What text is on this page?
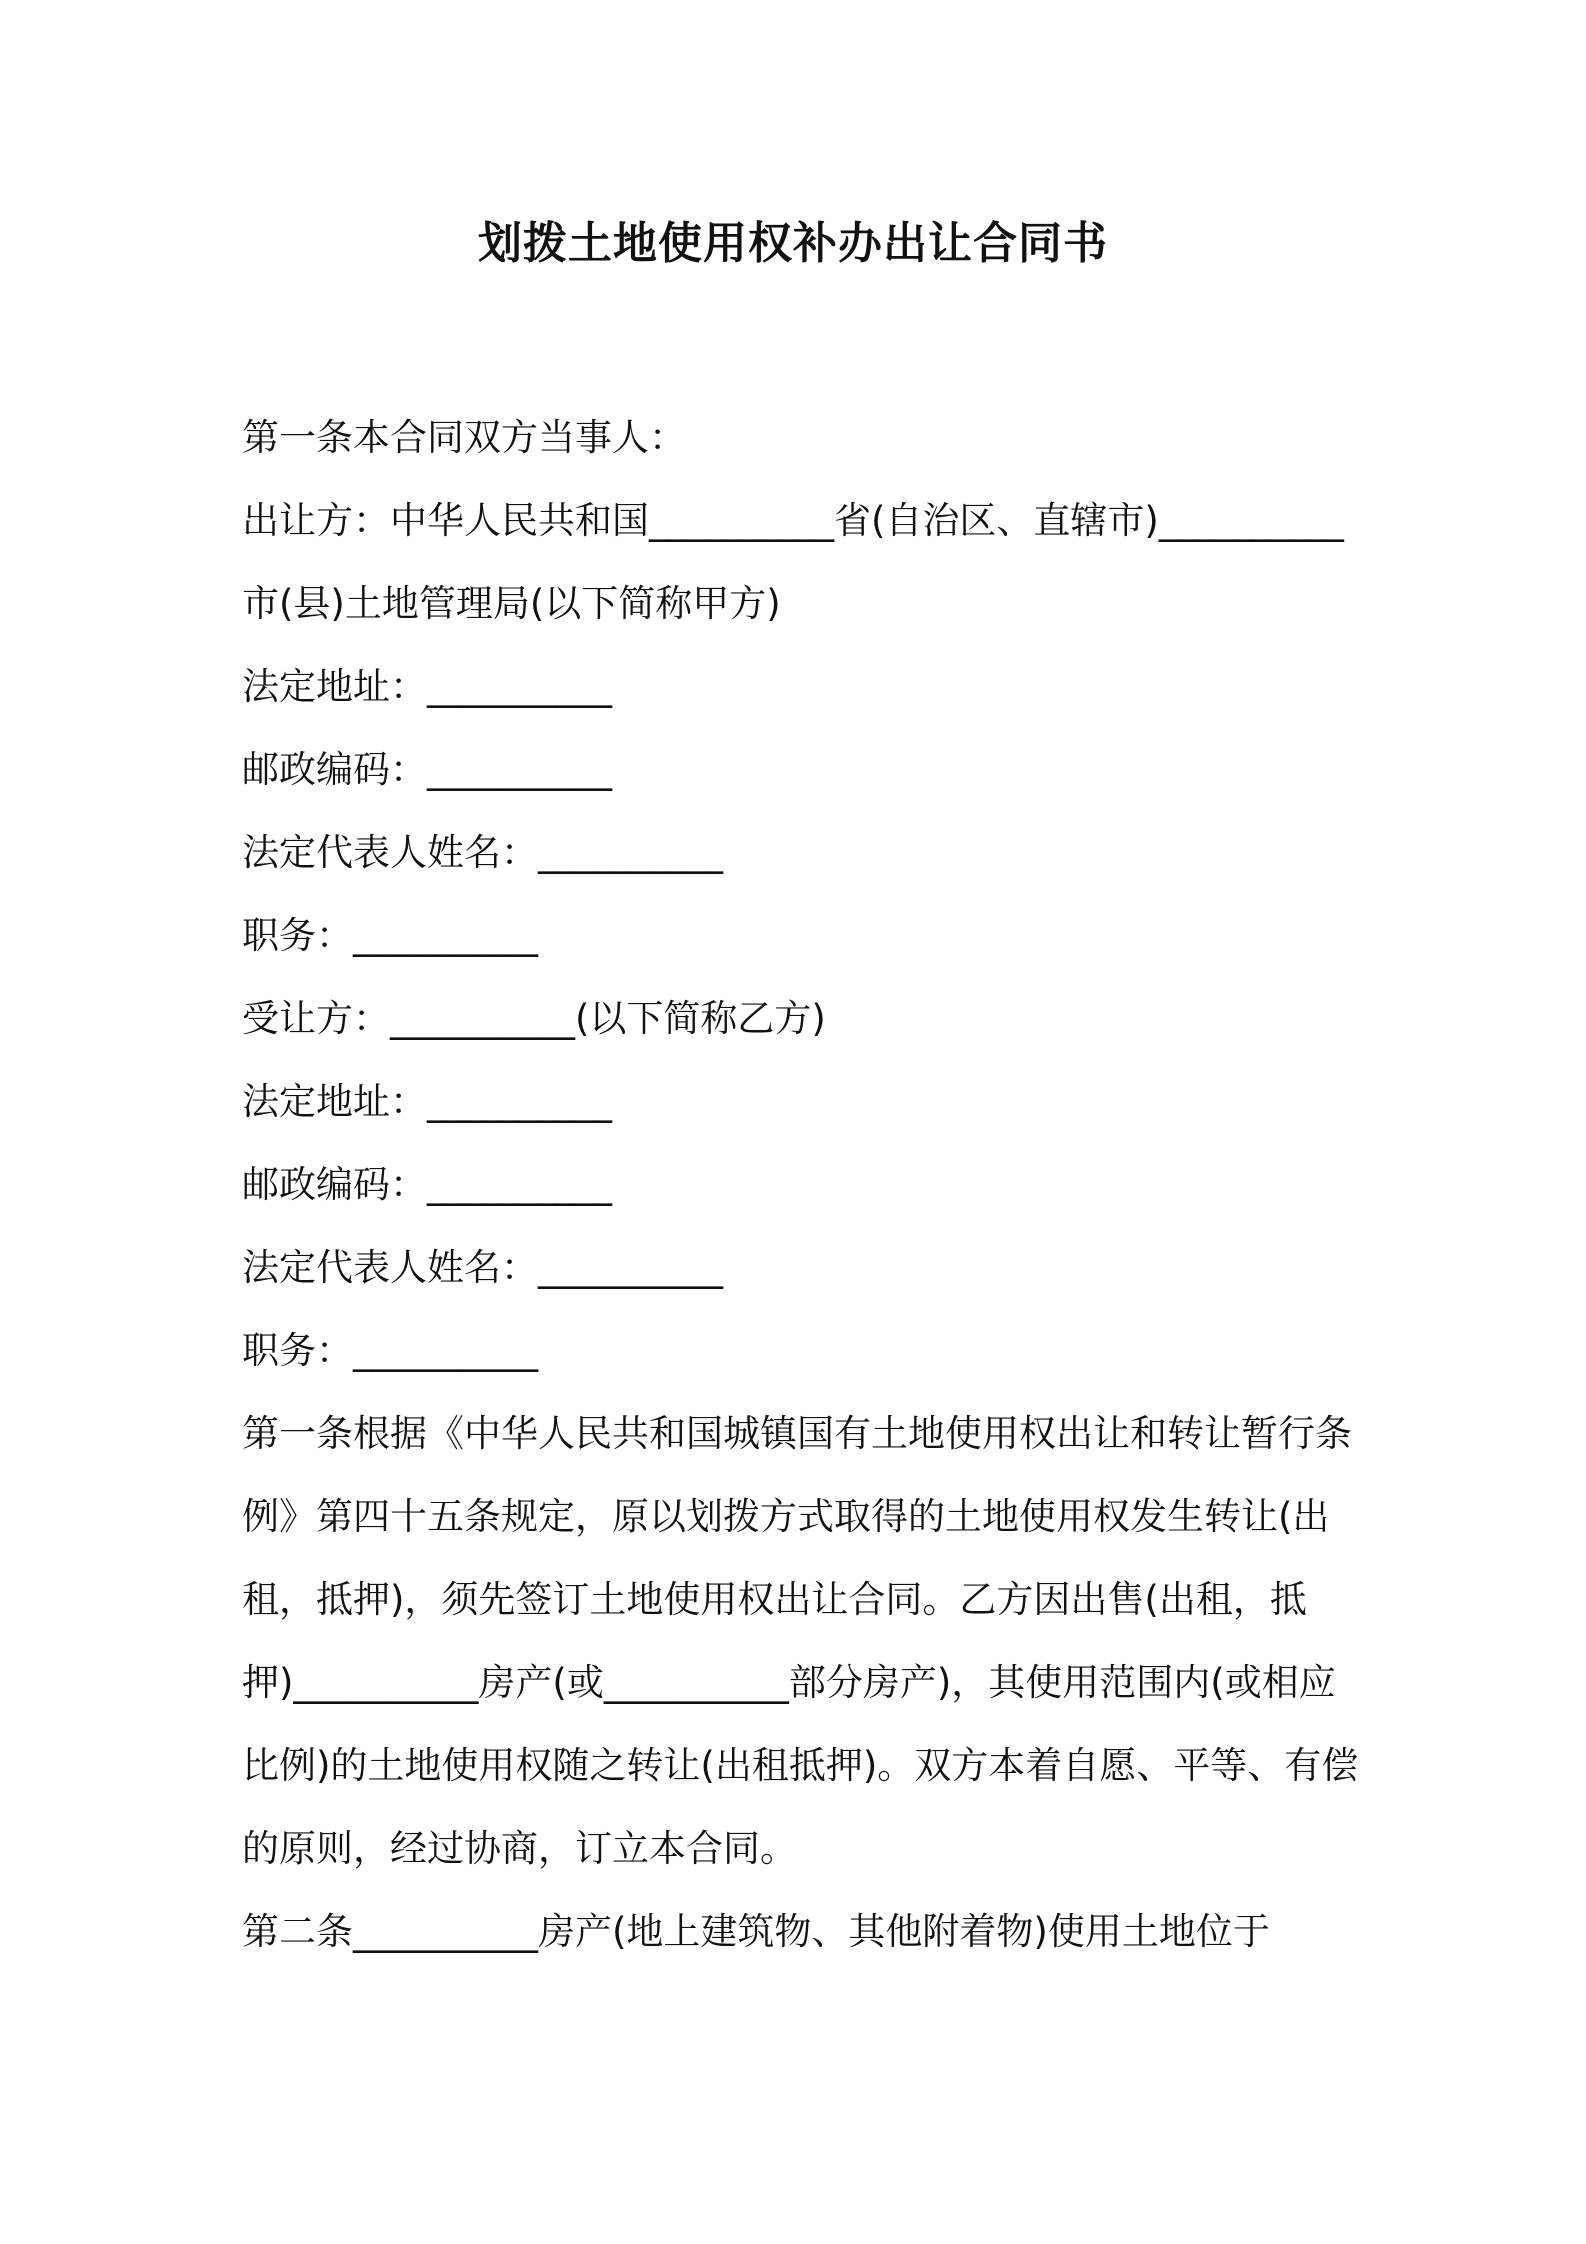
划拨土地使用权补办出让合同书
第一条本合同双方当事人：
出让方：中华人民共和国__________省(自治区、直辖市)__________
市(县)土地管理局(以下简称甲方)
法定地址：__________
邮政编码：__________
法定代表人姓名：__________
职务：__________
受让方：__________(以下简称乙方)
法定地址：__________
邮政编码：__________
法定代表人姓名：__________
职务：__________
第一条根据《中华人民共和国城镇国有土地使用权出让和转让暂行条
例》第四十五条规定，原以划拨方式取得的土地使用权发生转让(出
租，抵押)，须先签订土地使用权出让合同。乙方因出售(出租，抵
押)__________房产(或__________部分房产)，其使用范围内(或相应
比例)的土地使用权随之转让(出租抵押)。双方本着自愿、平等、有偿
的原则，经过协商，订立本合同。
第二条__________房产(地上建筑物、其他附着物)使用土地位于
